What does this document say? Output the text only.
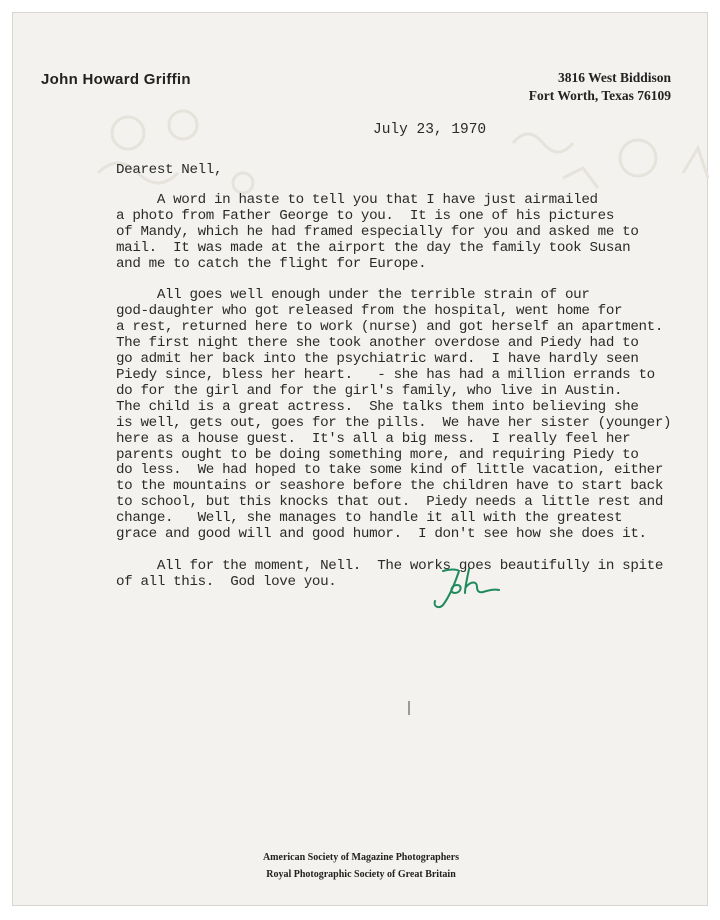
John Howard Griffin	3816 West Biddison
Fort Worth, Texas 76109
July 23, 1970
Dearest Nell,
A word in haste to tell you that I have just airmailed
a photo from Father George to you.  It is one of his pictures
of Mandy, which he had framed especially for you and asked me to
mail.  It was made at the airport the day the family took Susan
and me to catch the flight for Europe.
All goes well enough under the terrible strain of our
god-daughter who got released from the hospital, went home for
a rest, returned here to work (nurse) and got herself an apartment.
The first night there she took another overdose and Piedy had to
go admit her back into the psychiatric ward.  I have hardly seen
Piedy since, bless her heart.   - she has had a million errands to
do for the girl and for the girl's family, who live in Austin.
The child is a great actress.  She talks them into believing she
is well, gets out, goes for the pills.  We have her sister (younger)
here as a house guest.  It's all a big mess.  I really feel her
parents ought to be doing something more, and requiring Piedy to
do less.  We had hoped to take some kind of little vacation, either
to the mountains or seashore before the children have to start back
to school, but this knocks that out.  Piedy needs a little rest and
change.   Well, she manages to handle it all with the greatest
grace and good will and good humor.  I don't see how she does it.
All for the moment, Nell.  The works goes beautifully in spite
of all this.  God love you.
American Society of Magazine Photographers
Royal Photographic Society of Great Britain
